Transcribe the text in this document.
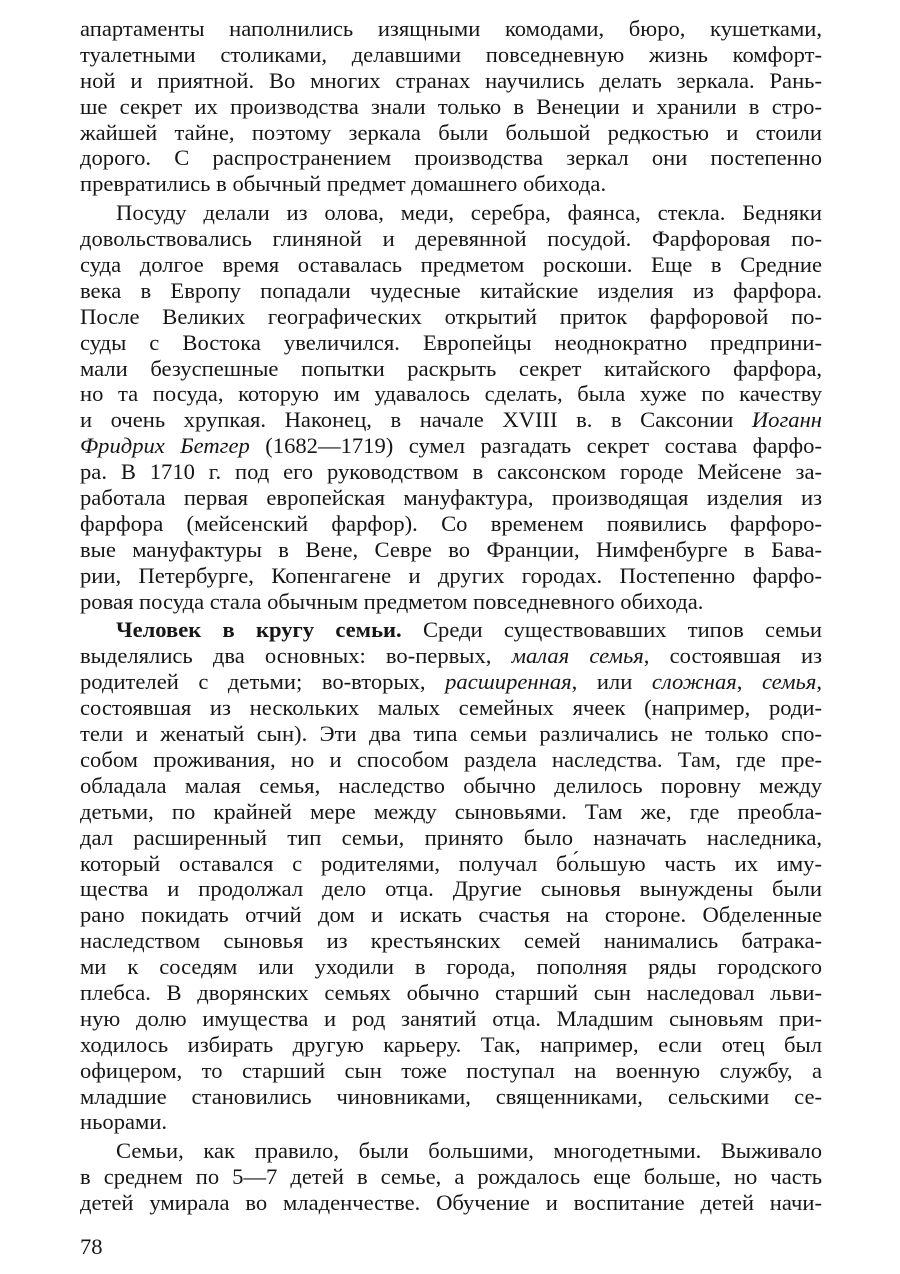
апартаменты наполнились изящными комодами, бюро, кушетками,
туалетными столиками, делавшими повседневную жизнь комфорт-
ной и приятной. Во многих странах научились делать зеркала. Рань-
ше секрет их производства знали только в Венеции и хранили в стро-
жайшей тайне, поэтому зеркала были большой редкостью и стоили
дорого. С распространением производства зеркал они постепенно
превратились в обычный предмет домашнего обихода.

Посуду делали из олова, меди, серебра, фаянса, стекла. Бедняки
довольствовались глиняной и деревянной посудой. Фарфоровая по-
суда долгое время оставалась предметом роскоши. Еще в Средние
века в Европу попадали чудесные китайские изделия из фарфора.
После Великих географических открытий приток фарфоровой по-
суды с Востока увеличился. Европейцы неоднократно предприни-
мали безуспешные попытки раскрыть секрет китайского фарфора,
но та посуда, которую им удавалось сделать, была хуже по качеству
и очень хрупкая. Наконец, в начале XVIII в. в Саксонии Иоганн
Фридрих Бетгер (1682—1719) сумел разгадать секрет состава фарфо-
ра. В 1710 г. под его руководством в саксонском городе Мейсене за-
работала первая европейская мануфактура, производящая изделия из
фарфора (мейсенский фарфор). Со временем появились фарфоро-
вые мануфактуры в Вене, Севре во Франции, Нимфенбурге в Бава-
рии, Петербурге, Копенгагене и других городах. Постепенно фарфо-
ровая посуда стала обычным предметом повседневного обихода.

Человек в кругу семьи. Среди существовавших типов семьи
выделялись два основных: во-первых, малая семья, состоявшая из
родителей с детьми; во-вторых, расширенная, или сложная, семья,
состоявшая из нескольких малых семейных ячеек (например, роди-
тели и женатый сын). Эти два типа семьи различались не только спо-
собом проживания, но и способом раздела наследства. Там, где пре-
обладала малая семья, наследство обычно делилось поровну между
детьми, по крайней мере между сыновьями. Там же, где преобла-
дал расширенный тип семьи, принято было назначать наследника,
который оставался с родителями, получал бо́льшую часть их иму-
щества и продолжал дело отца. Другие сыновья вынуждены были
рано покидать отчий дом и искать счастья на стороне. Обделенные
наследством сыновья из крестьянских семей нанимались батрака-
ми к соседям или уходили в города, пополняя ряды городского
плебса. В дворянских семьях обычно старший сын наследовал льви-
ную долю имущества и род занятий отца. Младшим сыновьям при-
ходилось избирать другую карьеру. Так, например, если отец был
офицером, то старший сын тоже поступал на военную службу, а
младшие становились чиновниками, священниками, сельскими се-
ньорами.

Семьи, как правило, были большими, многодетными. Выживало
в среднем по 5—7 детей в семье, а рождалось еще больше, но часть
детей умирала во младенчестве. Обучение и воспитание детей начи-

78
